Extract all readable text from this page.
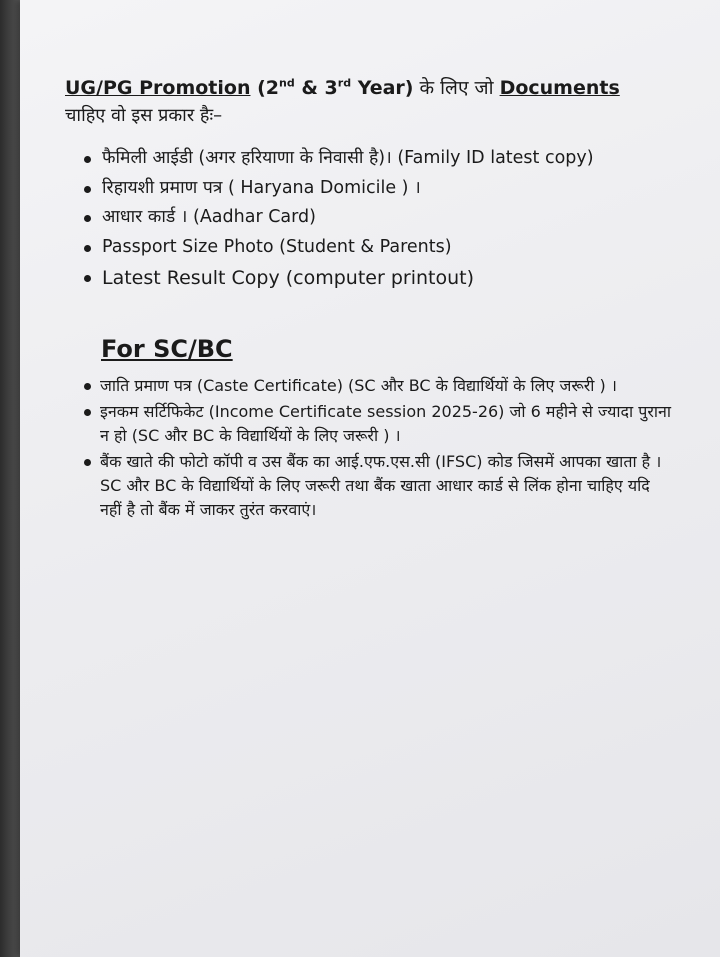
UG/PG Promotion (2nd & 3rd Year) के लिए जो Documents
चाहिए वो इस प्रकार हैः–
फैमिली आईडी (अगर हरियाणा के निवासी है)। (Family ID latest copy)
रिहायशी प्रमाण पत्र ( Haryana Domicile ) ।
आधार कार्ड । (Aadhar Card)
Passport Size Photo (Student & Parents)
Latest Result Copy (computer printout)
For SC/BC
जाति प्रमाण पत्र (Caste Certificate) (SC और BC के विद्यार्थियों के लिए जरूरी ) ।
इनकम सर्टिफिकेट (Income Certificate session 2025-26) जो 6 महीने से ज्यादा पुराना न हो (SC और BC के विद्यार्थियों के लिए जरूरी ) ।
बैंक खाते की फोटो कॉपी व उस बैंक का आई.एफ.एस.सी (IFSC) कोड जिसमें आपका खाता है । SC और BC के विद्यार्थियों के लिए जरूरी तथा बैंक खाता आधार कार्ड से लिंक होना चाहिए यदि नहीं है तो बैंक में जाकर तुरंत करवाएं।
